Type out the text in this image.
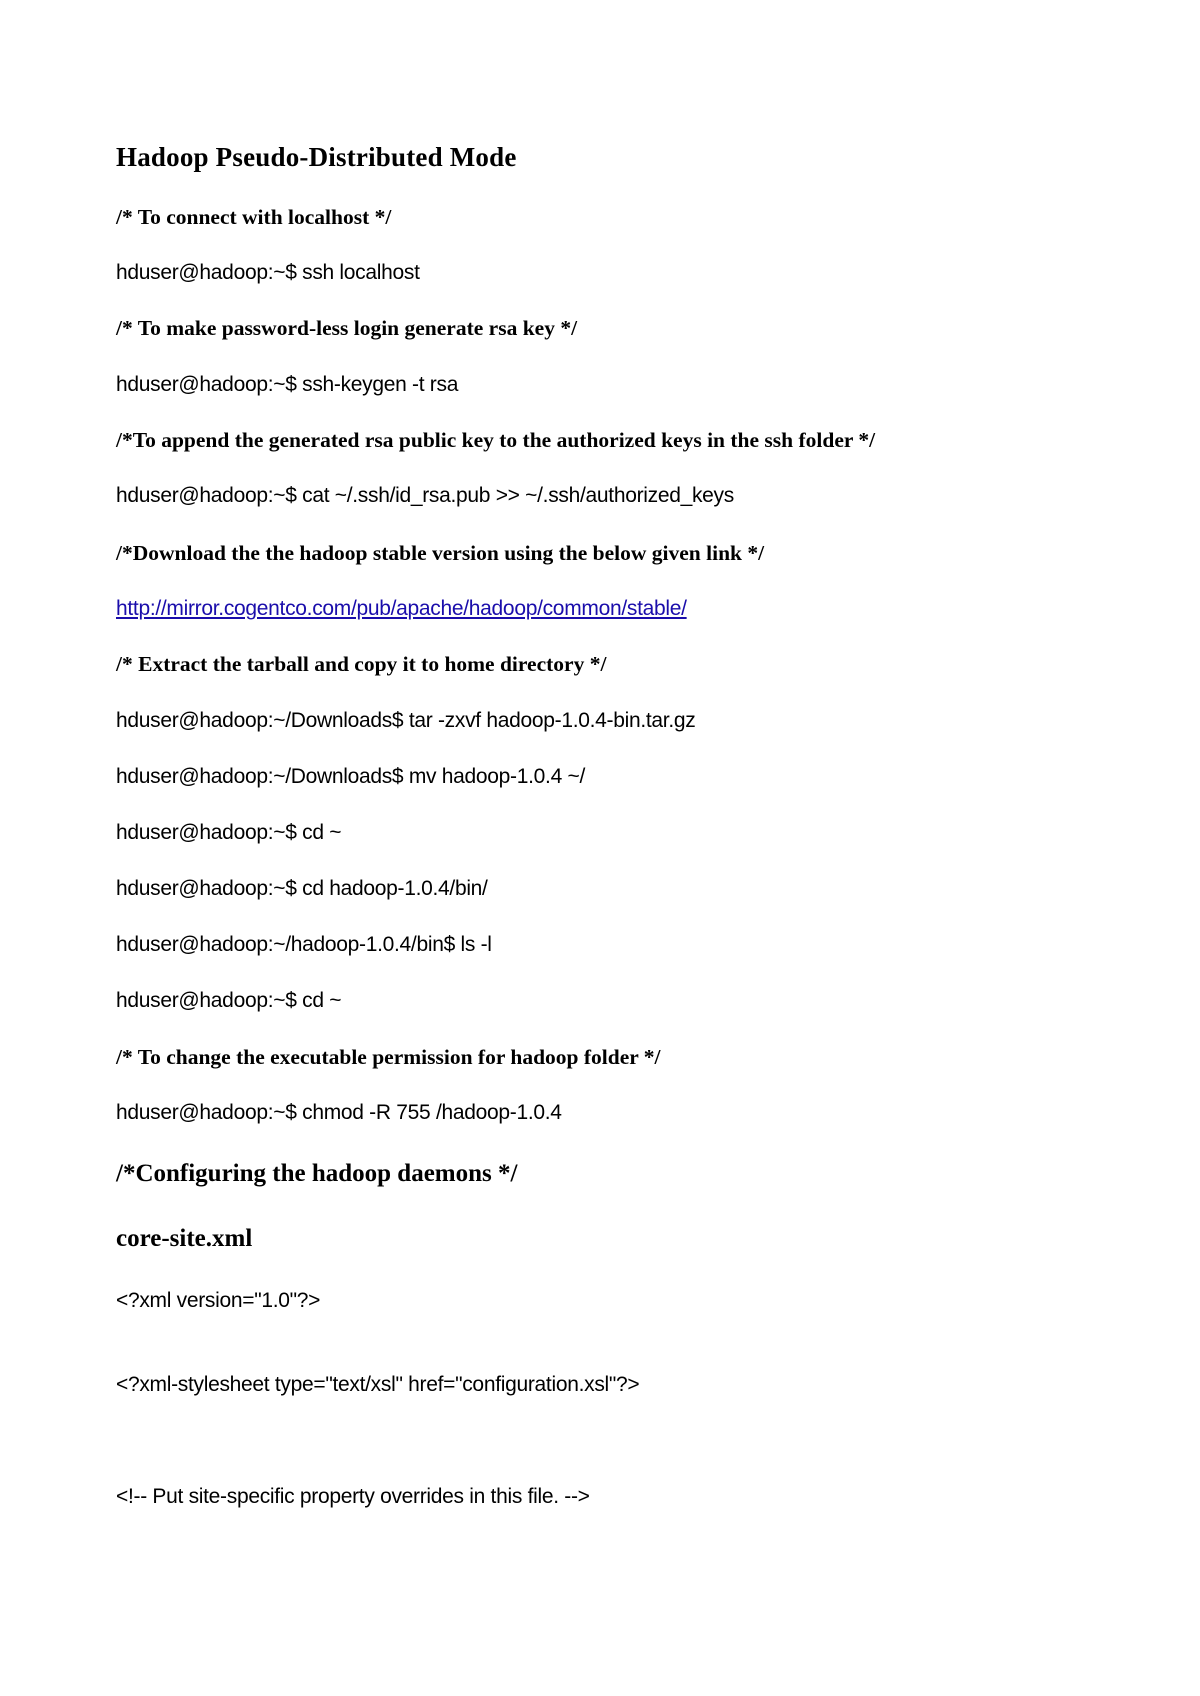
Hadoop Pseudo-Distributed Mode

/* To connect with localhost */

hduser@hadoop:~$ ssh localhost

/* To make password-less login generate rsa key */

hduser@hadoop:~$ ssh-keygen -t rsa

/*To append the generated rsa public key to the authorized keys in the ssh folder */

hduser@hadoop:~$ cat ~/.ssh/id_rsa.pub >> ~/.ssh/authorized_keys

/*Download the the hadoop stable version using the below given link */

http://mirror.cogentco.com/pub/apache/hadoop/common/stable/

/* Extract the tarball and copy it to home directory */

hduser@hadoop:~/Downloads$ tar -zxvf hadoop-1.0.4-bin.tar.gz

hduser@hadoop:~/Downloads$ mv hadoop-1.0.4 ~/

hduser@hadoop:~$ cd ~

hduser@hadoop:~$ cd hadoop-1.0.4/bin/

hduser@hadoop:~/hadoop-1.0.4/bin$ ls -l

hduser@hadoop:~$ cd ~

/* To change the executable permission for hadoop folder */

hduser@hadoop:~$ chmod -R 755 /hadoop-1.0.4

/*Configuring the hadoop daemons */
core-site.xml

<?xml version="1.0"?>

<?xml-stylesheet type="text/xsl" href="configuration.xsl"?>

<!-- Put site-specific property overrides in this file. -->
